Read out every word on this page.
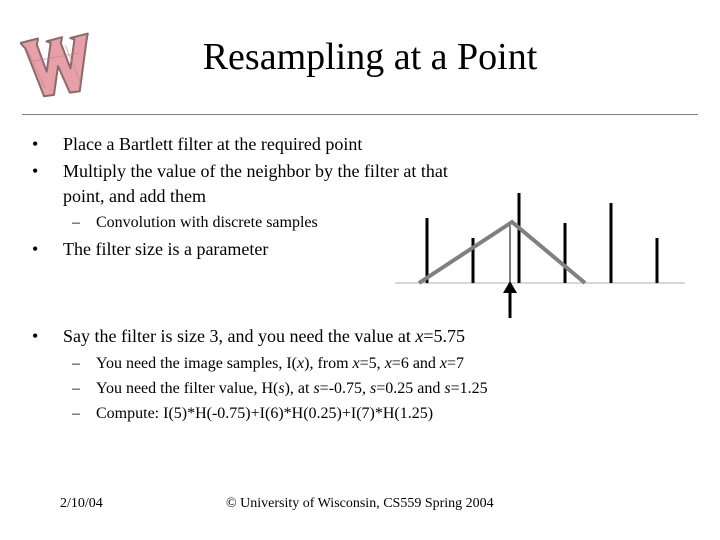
Resampling at a Point
• Place a Bartlett filter at the required point
• Multiply the value of the neighbor by the filter at that
point, and add them
– Convolution with discrete samples
• The filter size is a parameter
• Say the filter is size 3, and you need the value at x=5.75
– You need the image samples, I(x), from x=5, x=6 and x=7
– You need the filter value, H(s), at s=-0.75, s=0.25 and s=1.25
– Compute: I(5)*H(-0.75)+I(6)*H(0.25)+I(7)*H(1.25)
2/10/04	© University of Wisconsin, CS559 Spring 2004
